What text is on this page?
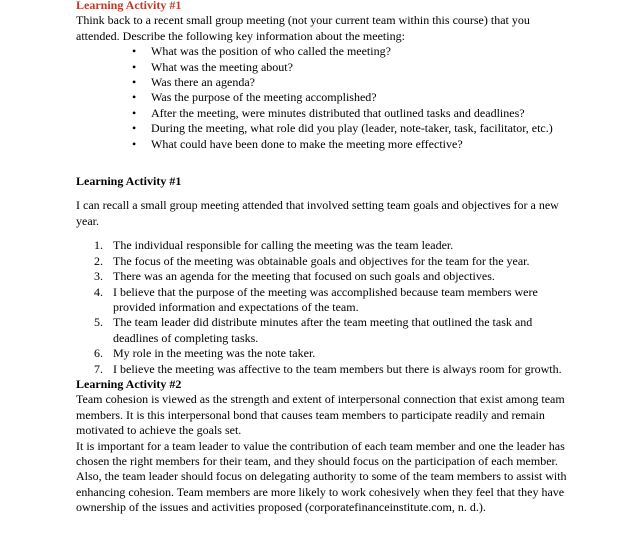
Learning Activity #1

Think back to a recent small group meeting (not your current team within this course) that you attended. Describe the following key information about the meeting:

• What was the position of who called the meeting?
• What was the meeting about?
• Was there an agenda?
• Was the purpose of the meeting accomplished?
• After the meeting, were minutes distributed that outlined tasks and deadlines?
• During the meeting, what role did you play (leader, note-taker, task, facilitator, etc.)
• What could have been done to make the meeting more effective?
Learning Activity #1

I can recall a small group meeting attended that involved setting team goals and objectives for a new year.

1. The individual responsible for calling the meeting was the team leader.
2. The focus of the meeting was obtainable goals and objectives for the team for the year.
3. There was an agenda for the meeting that focused on such goals and objectives.
4. I believe that the purpose of the meeting was accomplished because team members were provided information and expectations of the team.
5. The team leader did distribute minutes after the team meeting that outlined the task and deadlines of completing tasks.
6. My role in the meeting was the note taker.
7. I believe the meeting was affective to the team members but there is always room for growth.
Learning Activity #2

Team cohesion is viewed as the strength and extent of interpersonal connection that exist among team members. It is this interpersonal bond that causes team members to participate readily and remain motivated to achieve the goals set.

It is important for a team leader to value the contribution of each team member and one the leader has chosen the right members for their team, and they should focus on the participation of each member. Also, the team leader should focus on delegating authority to some of the team members to assist with enhancing cohesion. Team members are more likely to work cohesively when they feel that they have ownership of the issues and activities proposed (corporatefinanceinstitute.com, n. d.).
